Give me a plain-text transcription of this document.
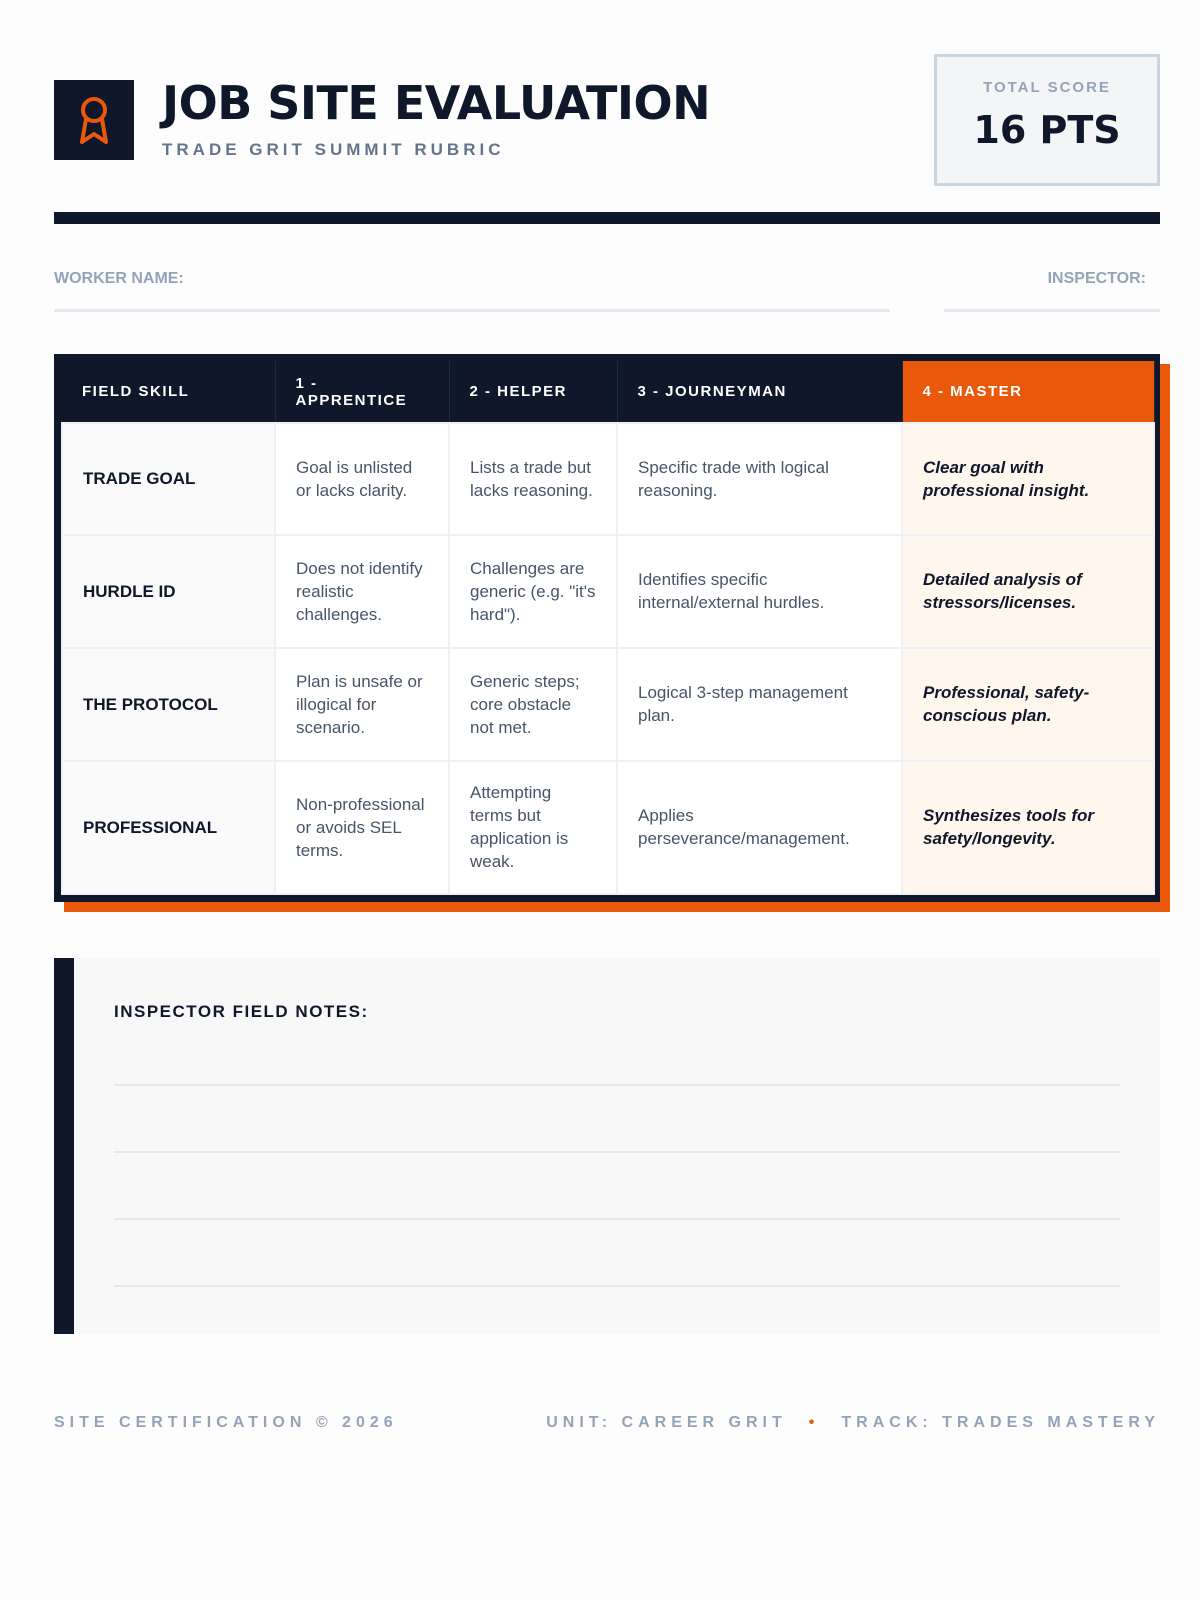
JOB SITE EVALUATION
TRADE GRIT SUMMIT RUBRIC
TOTAL SCORE
16 PTS
WORKER NAME:	INSPECTOR:
FIELD SKILL	1 - APPRENTICE	2 - HELPER	3 - JOURNEYMAN	4 - MASTER
TRADE GOAL	Goal is unlisted or lacks clarity.	Lists a trade but lacks reasoning.	Specific trade with logical reasoning.	Clear goal with professional insight.
HURDLE ID	Does not identify realistic challenges.	Challenges are generic (e.g. "it's hard").	Identifies specific internal/external hurdles.	Detailed analysis of stressors/licenses.
THE PROTOCOL	Plan is unsafe or illogical for scenario.	Generic steps; core obstacle not met.	Logical 3-step management plan.	Professional, safety-conscious plan.
PROFESSIONAL	Non-professional or avoids SEL terms.	Attempting terms but application is weak.	Applies perseverance/management.	Synthesizes tools for safety/longevity.
INSPECTOR FIELD NOTES:
SITE CERTIFICATION © 2026	UNIT: CAREER GRIT • TRACK: TRADES MASTERY
